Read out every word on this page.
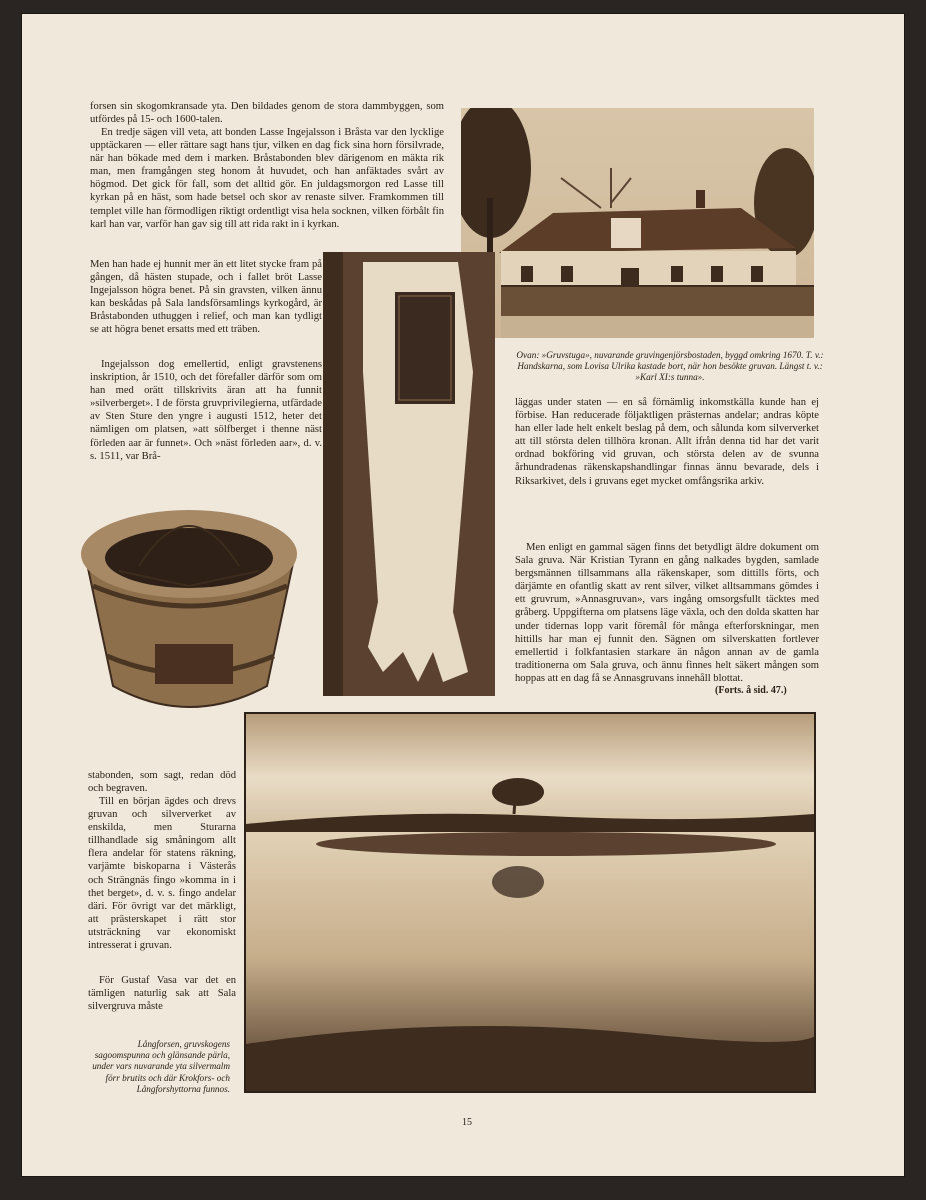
forsen sin skogomkransade yta. Den bildades genom de stora dammbyggen, som utfördes på 15- och 1600-talen.

En tredje sägen vill veta, att bonden Lasse Ingejalsson i Bråsta var den lycklige upptäckaren — eller rättare sagt hans tjur, vilken en dag fick sina horn försilvrade, när han bökade med dem i marken. Bråstabonden blev därigenom en mäkta rik man, men framgången steg honom åt huvudet, och han anfäktades svårt av högmod. Det gick för fall, som det alltid gör. En juldagsmorgon red Lasse till kyrkan på en häst, som hade betsel och skor av renaste silver. Framkommen till templet ville han förmodligen riktigt ordentligt visa hela socknen, vilken förbålt fin karl han var, varför han gav sig till att rida rakt in i kyrkan.

Men han hade ej hunnit mer än ett litet stycke fram på gången, då hästen stupade, och i fallet bröt Lasse Ingejalsson högra benet. På sin gravsten, vilken ännu kan beskådas på Sala landsförsamlings kyrkogård, är Bråstabonden uthuggen i relief, och man kan tydligt se att högra benet ersatts med ett träben.

Ingejalsson dog emellertid, enligt gravstenens inskription, år 1510, och det förefaller därför som om han med orätt tillskrivits äran att ha funnit »silverberget». I de första gruvprivilegierna, utfärdade av Sten Sture den yngre i augusti 1512, heter det nämligen om platsen, »att sölfberget i thenne näst förleden aar är funnet». Och »näst förleden aar», d. v. s. 1511, var Brå-

Ovan: »Gruvstuga», nuvarande gruvingenjörsbostaden, byggd omkring 1670. T. v.: Handskarna, som Lovisa Ulrika kastade bort, när hon besökte gruvan. Längst t. v.: »Karl XI:s tunna».

läggas under staten — en så förnämlig inkomstkälla kunde han ej förbise. Han reducerade följaktligen prästernas andelar; andras köpte han eller lade helt enkelt beslag på dem, och sålunda kom silververket att till största delen tillhöra kronan. Allt ifrån denna tid har det varit ordnad bokföring vid gruvan, och största delen av de svunna århundradenas räkenskapshandlingar finnas ännu bevarade, dels i Riksarkivet, dels i gruvans eget mycket omfångsrika arkiv.

Men enligt en gammal sägen finns det betydligt äldre dokument om Sala gruva. När Kristian Tyrann en gång nalkades bygden, samlade bergsmännen tillsammans alla räkenskaper, som dittills förts, och därjämte en ofantlig skatt av rent silver, vilket alltsammans gömdes i ett gruvrum, »Annasgruvan», vars ingång omsorgsfullt täcktes med gråberg. Uppgifterna om platsens läge växla, och den dolda skatten har under tidernas lopp varit föremål för många efterforskningar, men hittills har man ej funnit den. Sägnen om silverskatten fortlever emellertid i folkfantasien starkare än någon annan av de gamla traditionerna om Sala gruva, och ännu finnes helt säkert mången som hoppas att en dag få se Annasgruvans innehåll blottat.

(Forts. å sid. 47.)

stabonden, som sagt, redan död och begraven.

Till en början ägdes och drevs gruvan och silververket av enskilda, men Sturarna tillhandlade sig småningom allt flera andelar för statens räkning, varjämte biskoparna i Västerås och Strängnäs fingo »komma in i thet berget», d. v. s. fingo andelar däri. För övrigt var det märkligt, att prästerskapet i rätt stor utsträckning var ekonomiskt intresserat i gruvan.

För Gustaf Vasa var det en tämligen naturlig sak att Sala silvergruva måste

Långforsen, gruvskogens sagoomspunna och glänsande pärla, under vars nuvarande yta silvermalm förr brutits och där Krokfors- och Långforshyttorna funnos.

15
